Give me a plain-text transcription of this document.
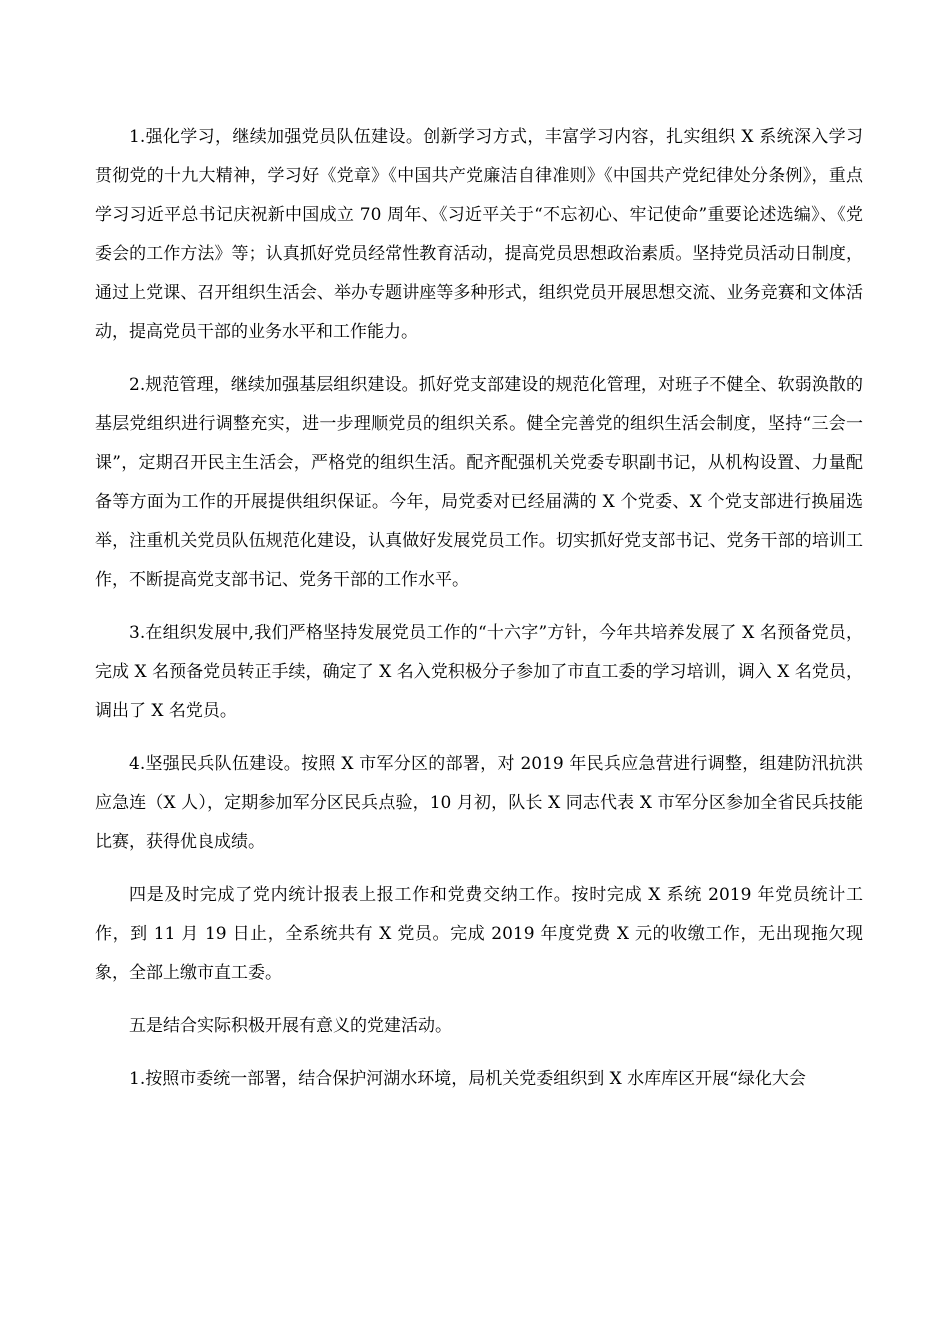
1.强化学习，继续加强党员队伍建设。创新学习方式，丰富学习内容，扎实组织 X 系统深入学习贯彻党的十九大精神，学习好《党章》《中国共产党廉洁自律准则》《中国共产党纪律处分条例》，重点学习习近平总书记庆祝新中国成立 70 周年、《习近平关于“不忘初心、牢记使命”重要论述选编》、《党委会的工作方法》等；认真抓好党员经常性教育活动，提高党员思想政治素质。坚持党员活动日制度，通过上党课、召开组织生活会、举办专题讲座等多种形式，组织党员开展思想交流、业务竞赛和文体活动，提高党员干部的业务水平和工作能力。

2.规范管理，继续加强基层组织建设。抓好党支部建设的规范化管理，对班子不健全、软弱涣散的基层党组织进行调整充实，进一步理顺党员的组织关系。健全完善党的组织生活会制度，坚持“三会一课”，定期召开民主生活会，严格党的组织生活。配齐配强机关党委专职副书记，从机构设置、力量配备等方面为工作的开展提供组织保证。今年，局党委对已经届满的 X 个党委、X 个党支部进行换届选举，注重机关党员队伍规范化建设，认真做好发展党员工作。切实抓好党支部书记、党务干部的培训工作，不断提高党支部书记、党务干部的工作水平。

3.在组织发展中,我们严格坚持发展党员工作的“十六字”方针，今年共培养发展了 X 名预备党员，完成 X 名预备党员转正手续，确定了 X 名入党积极分子参加了市直工委的学习培训，调入 X 名党员，调出了 X 名党员。

4.坚强民兵队伍建设。按照 X 市军分区的部署，对 2019 年民兵应急营进行调整，组建防汛抗洪应急连（X 人），定期参加军分区民兵点验，10 月初，队长 X 同志代表 X 市军分区参加全省民兵技能比赛，获得优良成绩。

四是及时完成了党内统计报表上报工作和党费交纳工作。按时完成 X 系统 2019 年党员统计工作，到 11 月 19 日止，全系统共有 X 党员。完成 2019 年度党费 X 元的收缴工作，无出现拖欠现象，全部上缴市直工委。

五是结合实际积极开展有意义的党建活动。

1.按照市委统一部署，结合保护河湖水环境，局机关党委组织到 X 水库库区开展“绿化大会
